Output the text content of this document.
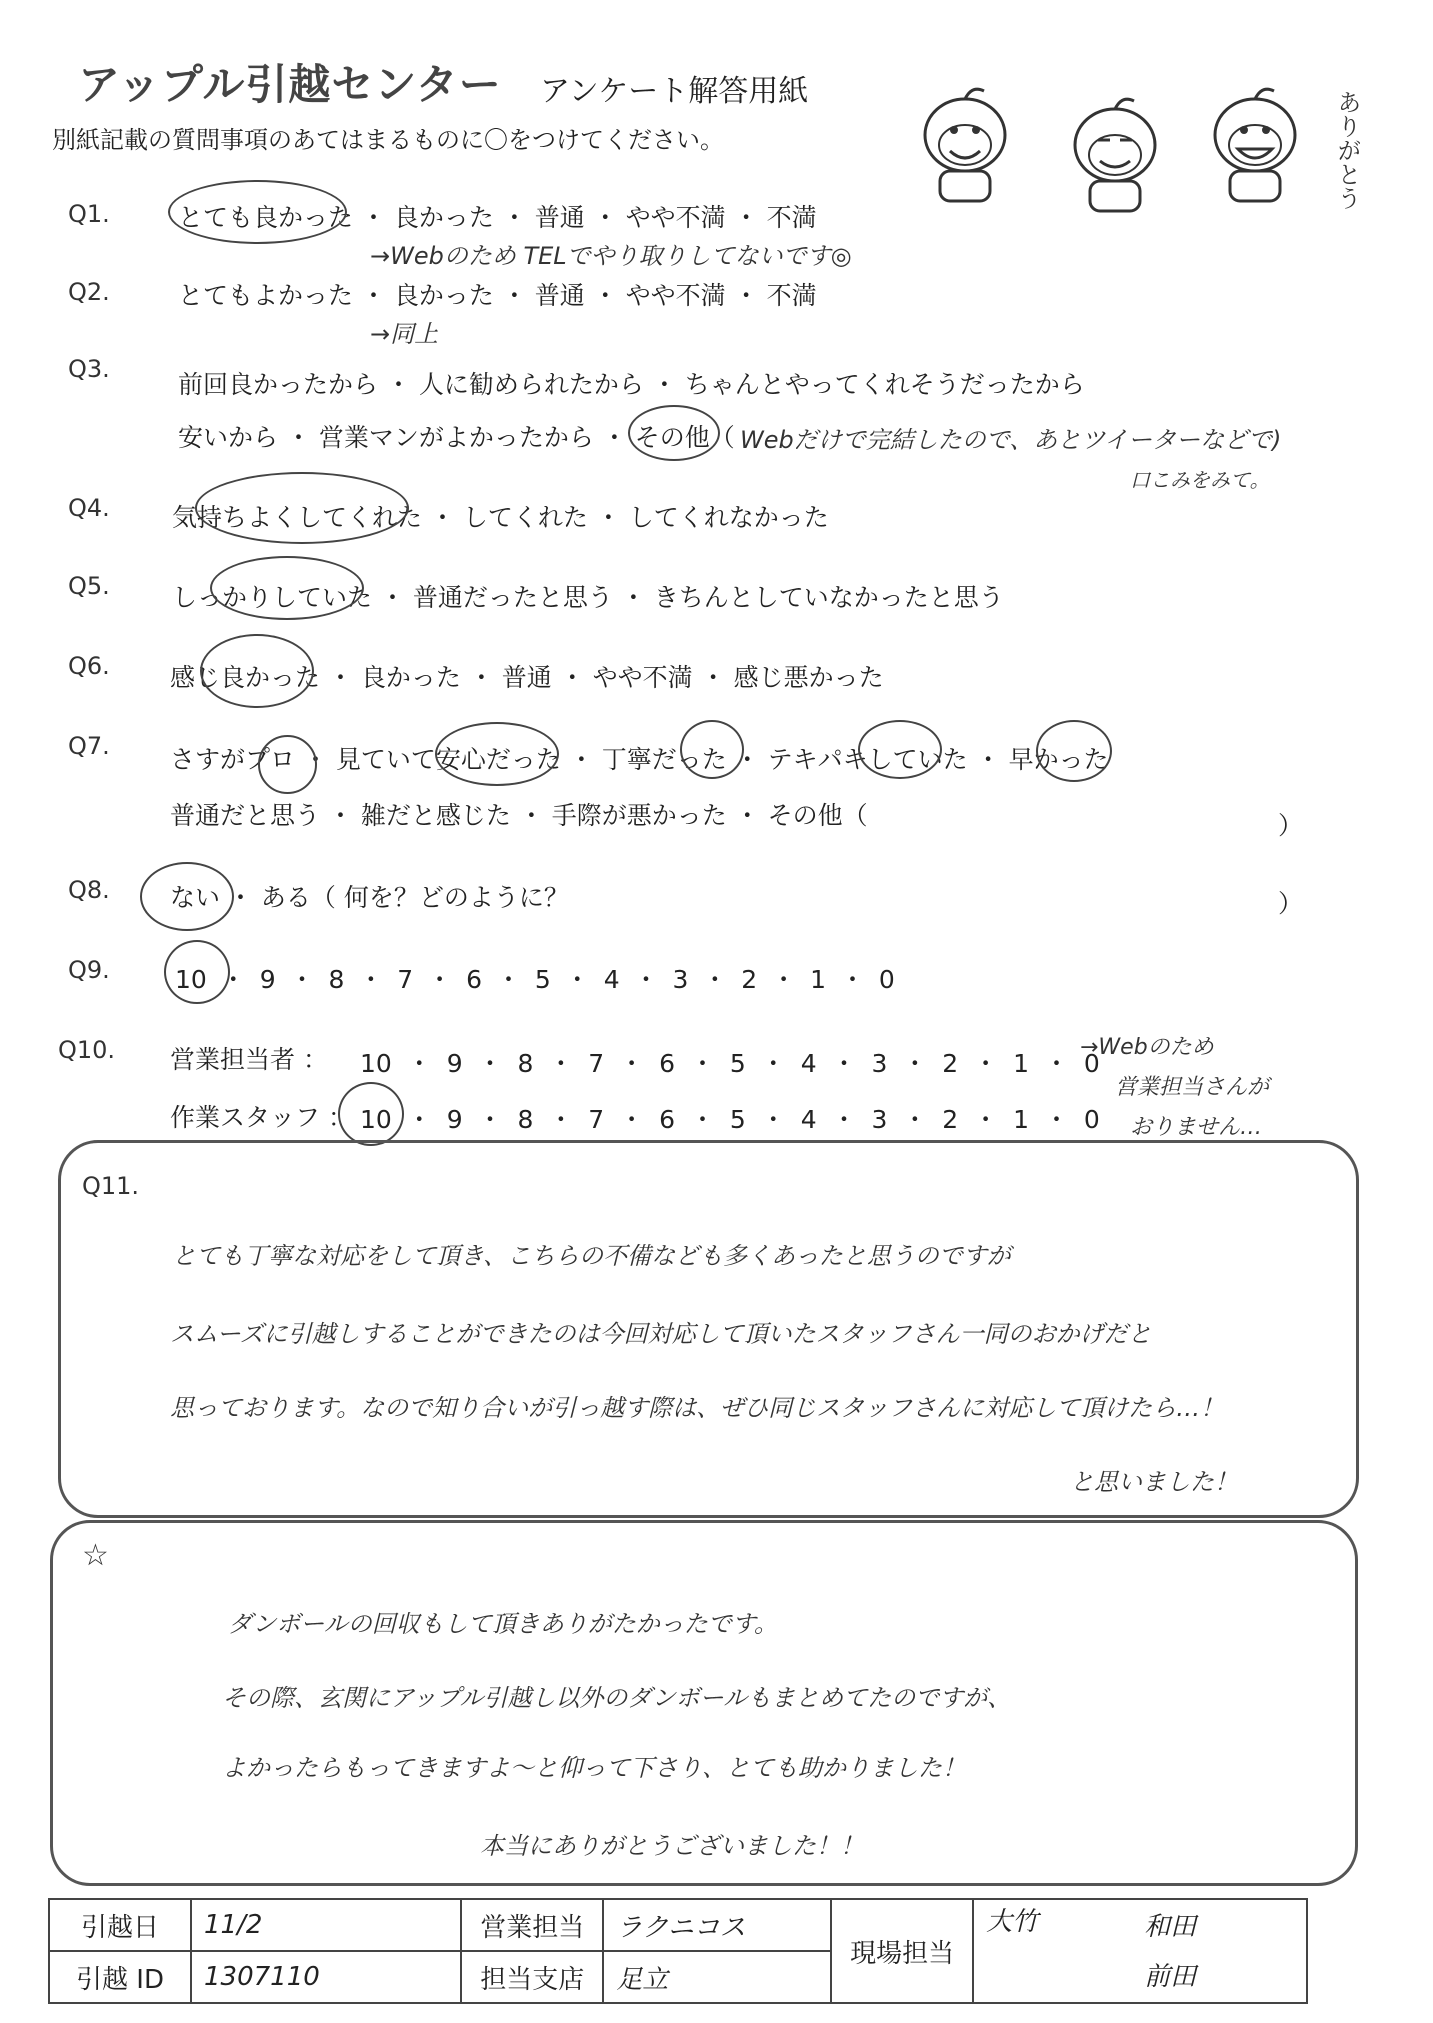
アップル引越センター アンケート解答用紙
別紙記載の質問事項のあてはまるものに〇をつけてください。	ありがとう
Q1.	とても良かった ・ 良かった ・ 普通 ・ やや不満 ・ 不満
→Webのため TELでやり取りしてないです◎
Q2.	とてもよかった ・ 良かった ・ 普通 ・ やや不満 ・ 不満
→同上
Q3.
前回良かったから ・ 人に勧められたから ・ ちゃんとやってくれそうだったから
安いから ・ 営業マンがよかったから ・ その他（ Webだけで完結したので、あとツイーターなどで)
口こみをみて。
Q4. 気持ちよくしてくれた ・ してくれた ・ してくれなかった
Q5. しっかりしていた ・ 普通だったと思う ・ きちんとしていなかったと思う
Q6. 感じ良かった ・ 良かった ・ 普通 ・ やや不満 ・ 感じ悪かった
Q7. さすがプロ ・ 見ていて安心だった ・ 丁寧だった ・ テキパキしていた ・ 早かった
普通だと思う ・ 雑だと感じた ・ 手際が悪かった ・ その他（	）
Q8. ない ・ ある（ 何を？どのように？	）
Q9.	10 ・ 9 ・ 8 ・ 7 ・ 6 ・ 5 ・ 4 ・ 3 ・ 2 ・ 1 ・ 0
Q10. 営業担当者 ： 10 ・ 9 ・ 8 ・ 7 ・ 6 ・ 5 ・ 4 ・ 3 ・ 2 ・ 1 ・ 0
作業スタッフ ： 10 ・ 9 ・ 8 ・ 7 ・ 6 ・ 5 ・ 4 ・ 3 ・ 2 ・ 1 ・ 0
→Webのため
営業担当さんが
おりません…
Q11.
とても丁寧な対応をして頂き、こちらの不備なども多くあったと思うのですが
スムーズに引越しすることができたのは今回対応して頂いたスタッフさん一同のおかげだと
思っております。なので知り合いが引っ越す際は、ぜひ同じスタッフさんに対応して頂けたら…！
と思いました！
☆
ダンボールの回収もして頂きありがたかったです。
その際、玄関にアップル引越し以外のダンボールもまとめてたのですが、
よかったらもってきますよ〜と仰って下さり、とても助かりました！
本当にありがとうございました！！
引越日	11/2	営業担当	ラクニコス	現場担当	大竹 和田
前田

引越 ID	1307110	担当支店	足立		
